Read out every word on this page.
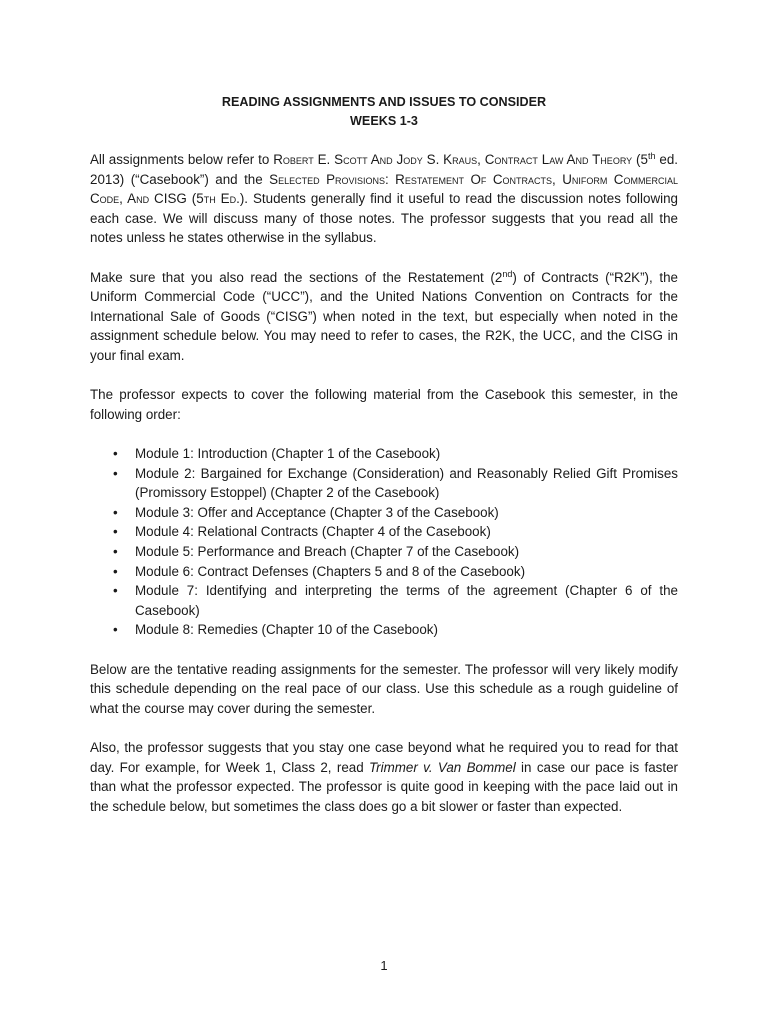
READING ASSIGNMENTS AND ISSUES TO CONSIDER
WEEKS 1-3

All assignments below refer to Robert E. Scott And Jody S. Kraus, Contract Law And Theory (5th ed. 2013) (“Casebook”) and the Selected Provisions: Restatement Of Contracts, Uniform Commercial Code, And CISG (5th Ed.). Students generally find it useful to read the discussion notes following each case. We will discuss many of those notes. The professor suggests that you read all the notes unless he states otherwise in the syllabus.

Make sure that you also read the sections of the Restatement (2nd) of Contracts (“R2K”), the Uniform Commercial Code (“UCC”), and the United Nations Convention on Contracts for the International Sale of Goods (“CISG”) when noted in the text, but especially when noted in the assignment schedule below. You may need to refer to cases, the R2K, the UCC, and the CISG in your final exam.

The professor expects to cover the following material from the Casebook this semester, in the following order:

• Module 1: Introduction (Chapter 1 of the Casebook)
• Module 2: Bargained for Exchange (Consideration) and Reasonably Relied Gift Promises (Promissory Estoppel) (Chapter 2 of the Casebook)
• Module 3: Offer and Acceptance (Chapter 3 of the Casebook)
• Module 4: Relational Contracts (Chapter 4 of the Casebook)
• Module 5: Performance and Breach (Chapter 7 of the Casebook)
• Module 6: Contract Defenses (Chapters 5 and 8 of the Casebook)
• Module 7: Identifying and interpreting the terms of the agreement (Chapter 6 of the Casebook)
• Module 8: Remedies (Chapter 10 of the Casebook)

Below are the tentative reading assignments for the semester. The professor will very likely modify this schedule depending on the real pace of our class. Use this schedule as a rough guideline of what the course may cover during the semester.

Also, the professor suggests that you stay one case beyond what he required you to read for that day. For example, for Week 1, Class 2, read Trimmer v. Van Bommel in case our pace is faster than what the professor expected. The professor is quite good in keeping with the pace laid out in the schedule below, but sometimes the class does go a bit slower or faster than expected.

1
